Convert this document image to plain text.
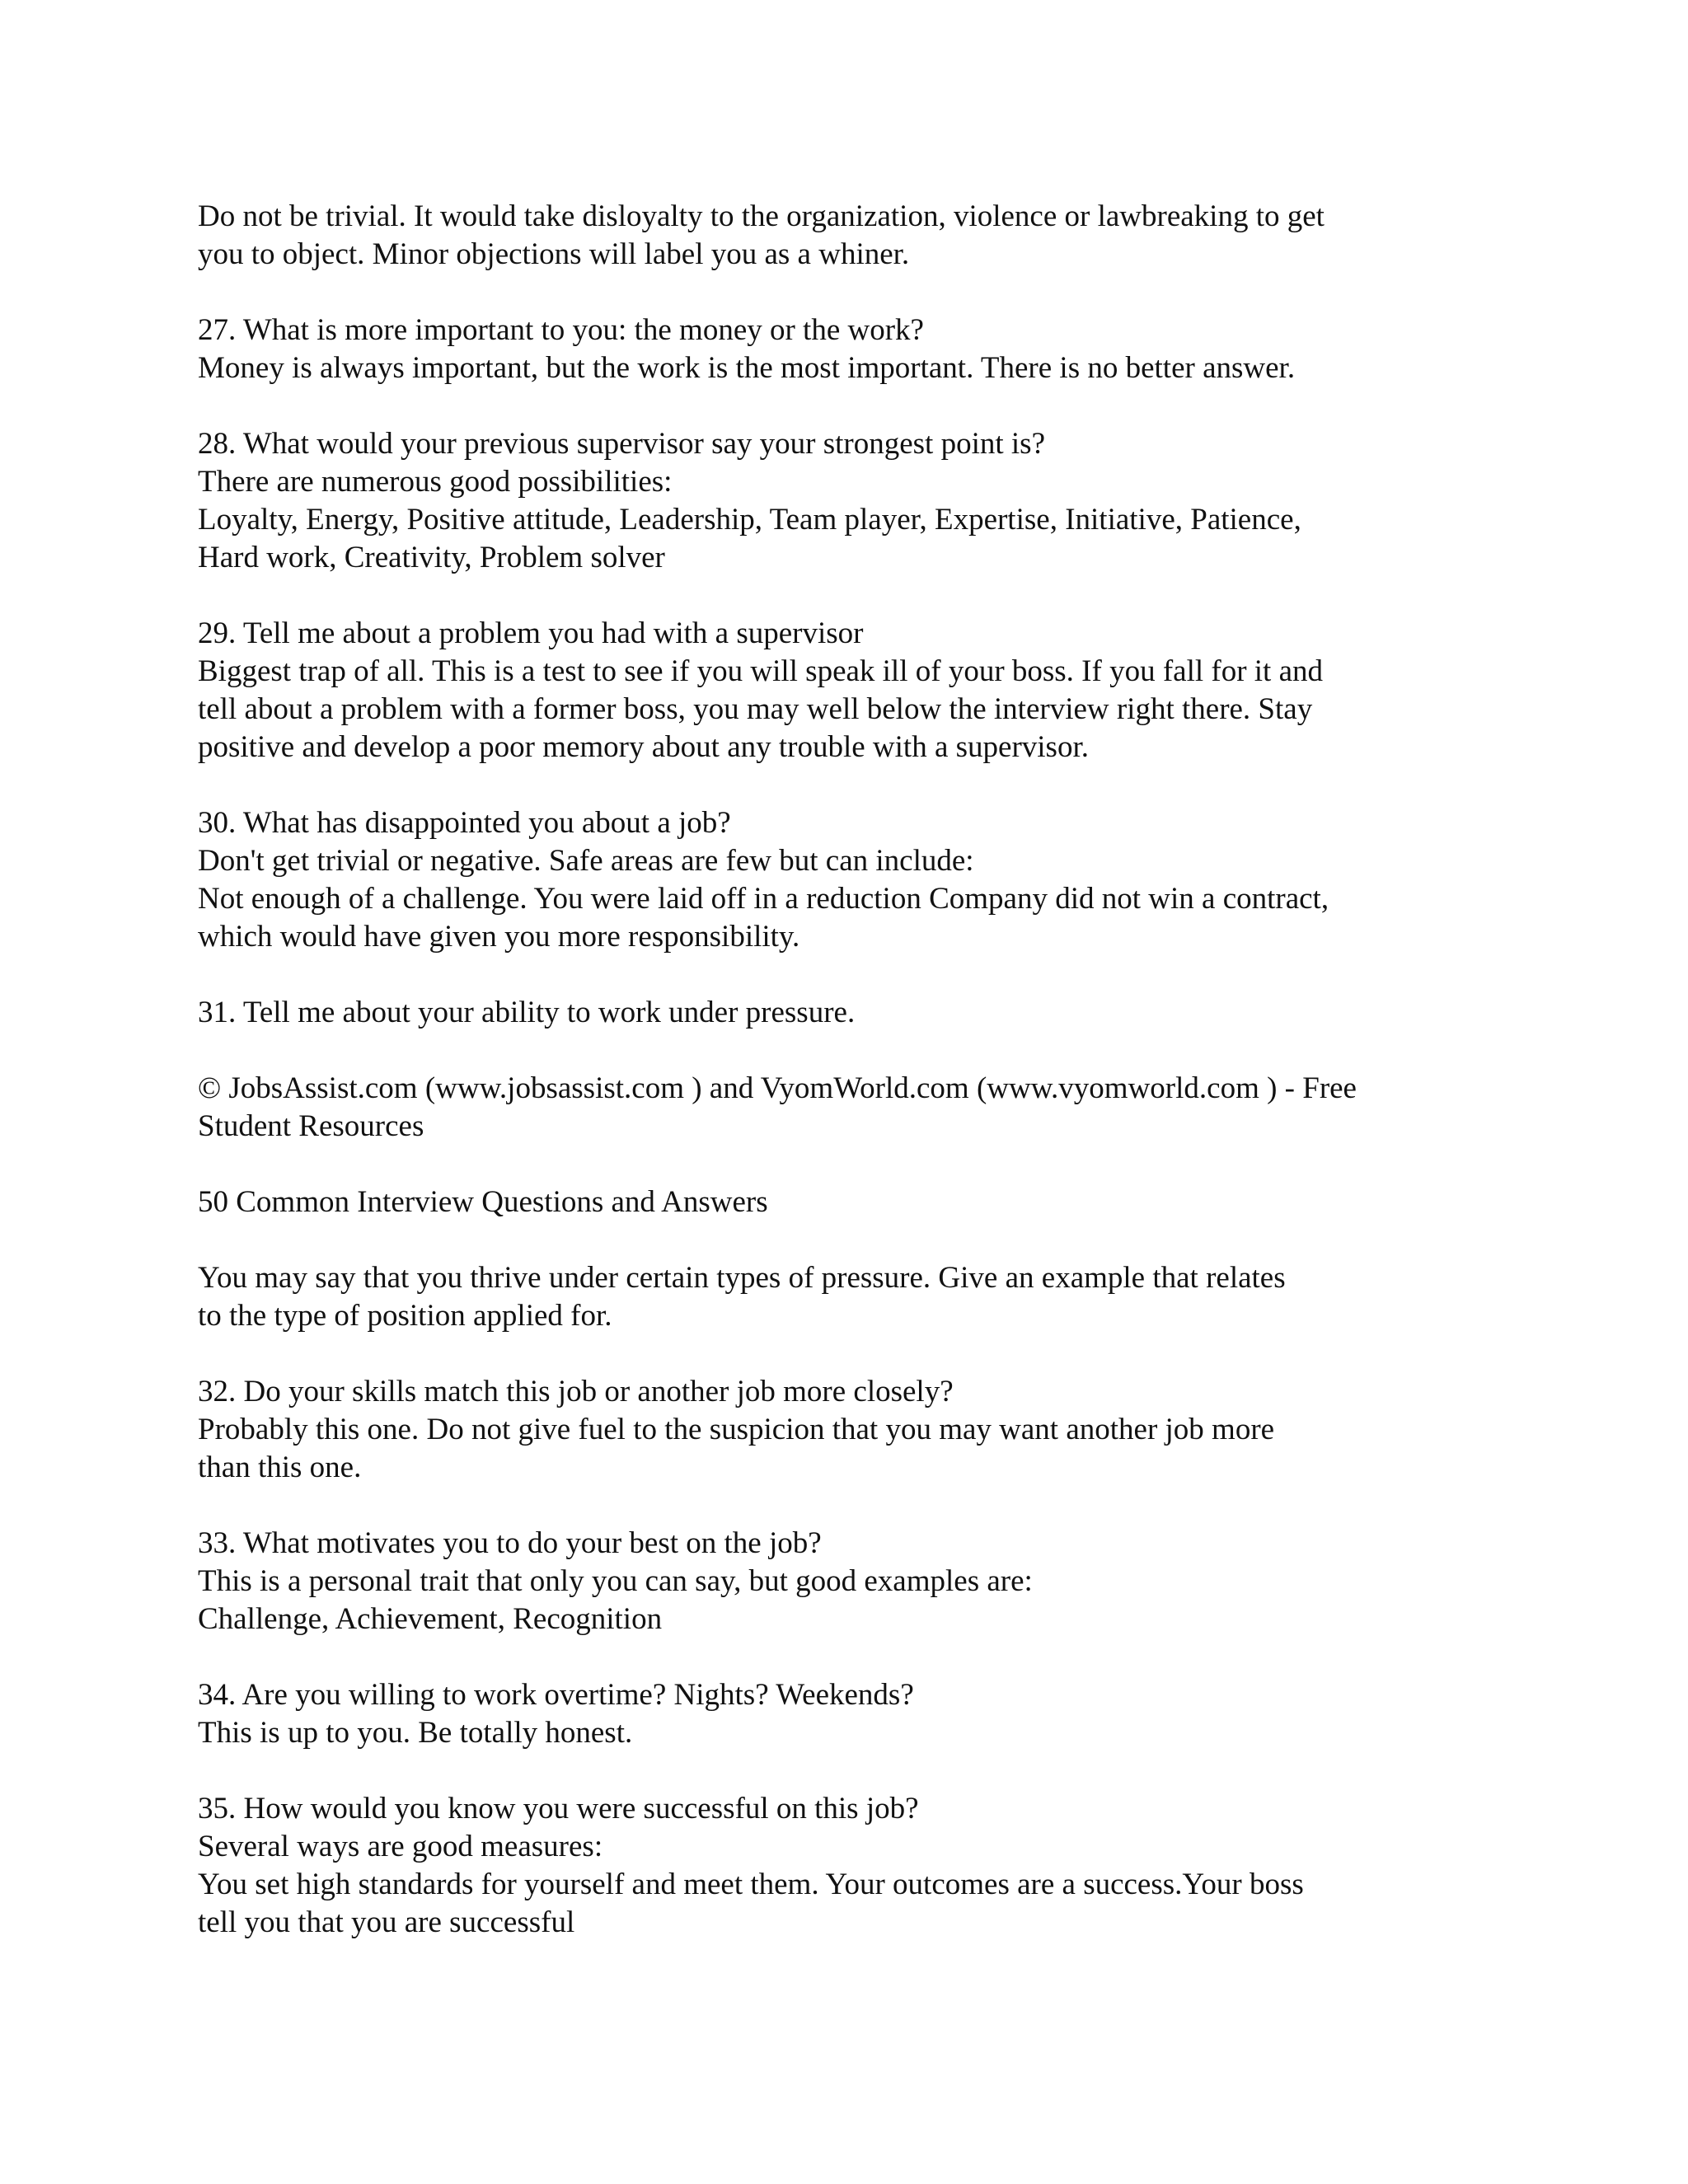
Do not be trivial. It would take disloyalty to the organization, violence or lawbreaking to get
you to object. Minor objections will label you as a whiner.
27. What is more important to you: the money or the work?
Money is always important, but the work is the most important. There is no better answer.
28. What would your previous supervisor say your strongest point is?
There are numerous good possibilities:
Loyalty, Energy, Positive attitude, Leadership, Team player, Expertise, Initiative, Patience,
Hard work, Creativity, Problem solver
29. Tell me about a problem you had with a supervisor
Biggest trap of all. This is a test to see if you will speak ill of your boss. If you fall for it and
tell about a problem with a former boss, you may well below the interview right there. Stay
positive and develop a poor memory about any trouble with a supervisor.
30. What has disappointed you about a job?
Don't get trivial or negative. Safe areas are few but can include:
Not enough of a challenge. You were laid off in a reduction Company did not win a contract,
which would have given you more responsibility.
31. Tell me about your ability to work under pressure.
© JobsAssist.com (www.jobsassist.com ) and VyomWorld.com (www.vyomworld.com ) - Free
Student Resources
50 Common Interview Questions and Answers
You may say that you thrive under certain types of pressure. Give an example that relates
to the type of position applied for.
32. Do your skills match this job or another job more closely?
Probably this one. Do not give fuel to the suspicion that you may want another job more
than this one.
33. What motivates you to do your best on the job?
This is a personal trait that only you can say, but good examples are:
Challenge, Achievement, Recognition
34. Are you willing to work overtime? Nights? Weekends?
This is up to you. Be totally honest.
35. How would you know you were successful on this job?
Several ways are good measures:
You set high standards for yourself and meet them. Your outcomes are a success.Your boss
tell you that you are successful
